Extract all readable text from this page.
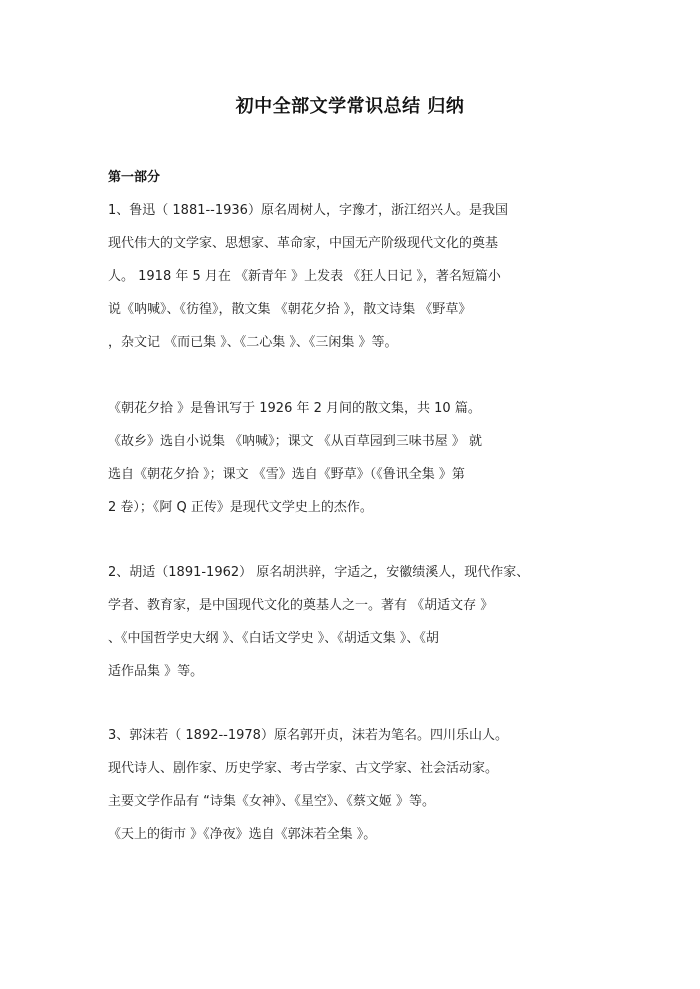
初中全部文学常识总结 归纳
第一部分
1、鲁迅（ 1881--1936）原名周树人，字豫才，浙江绍兴人。是我国
现代伟大的文学家、思想家、革命家，中国无产阶级现代文化的奠基
人。 1918 年 5 月在 《新青年 》上发表 《狂人日记 》，著名短篇小
说《呐喊》、《彷徨》，散文集 《朝花夕拾 》，散文诗集 《野草》
，杂文记 《而已集 》、《二心集 》、《三闲集 》等。
《朝花夕拾 》是鲁讯写于 1926 年 2 月间的散文集，共 10 篇。
《故乡》选自小说集 《呐喊》；课文 《从百草园到三味书屋 》 就
选自《朝花夕拾 》；课文 《雪》选自《野草》（《鲁讯全集 》第
2 卷）；《阿 Q 正传》是现代文学史上的杰作。
2、胡适（1891-1962） 原名胡洪骍，字适之，安徽绩溪人，现代作家、
学者、教育家，是中国现代文化的奠基人之一。著有 《胡适文存 》
、《中国哲学史大纲 》、《白话文学史 》、《胡适文集 》、《胡
适作品集 》等。
3、郭沫若（ 1892--1978）原名郭开贞，沫若为笔名。四川乐山人。
现代诗人、剧作家、历史学家、考古学家、古文学家、社会活动家。
主要文学作品有 “诗集《女神》、《星空》、《蔡文姬 》等。
《天上的街市 》《净夜》选自《郭沫若全集 》。
